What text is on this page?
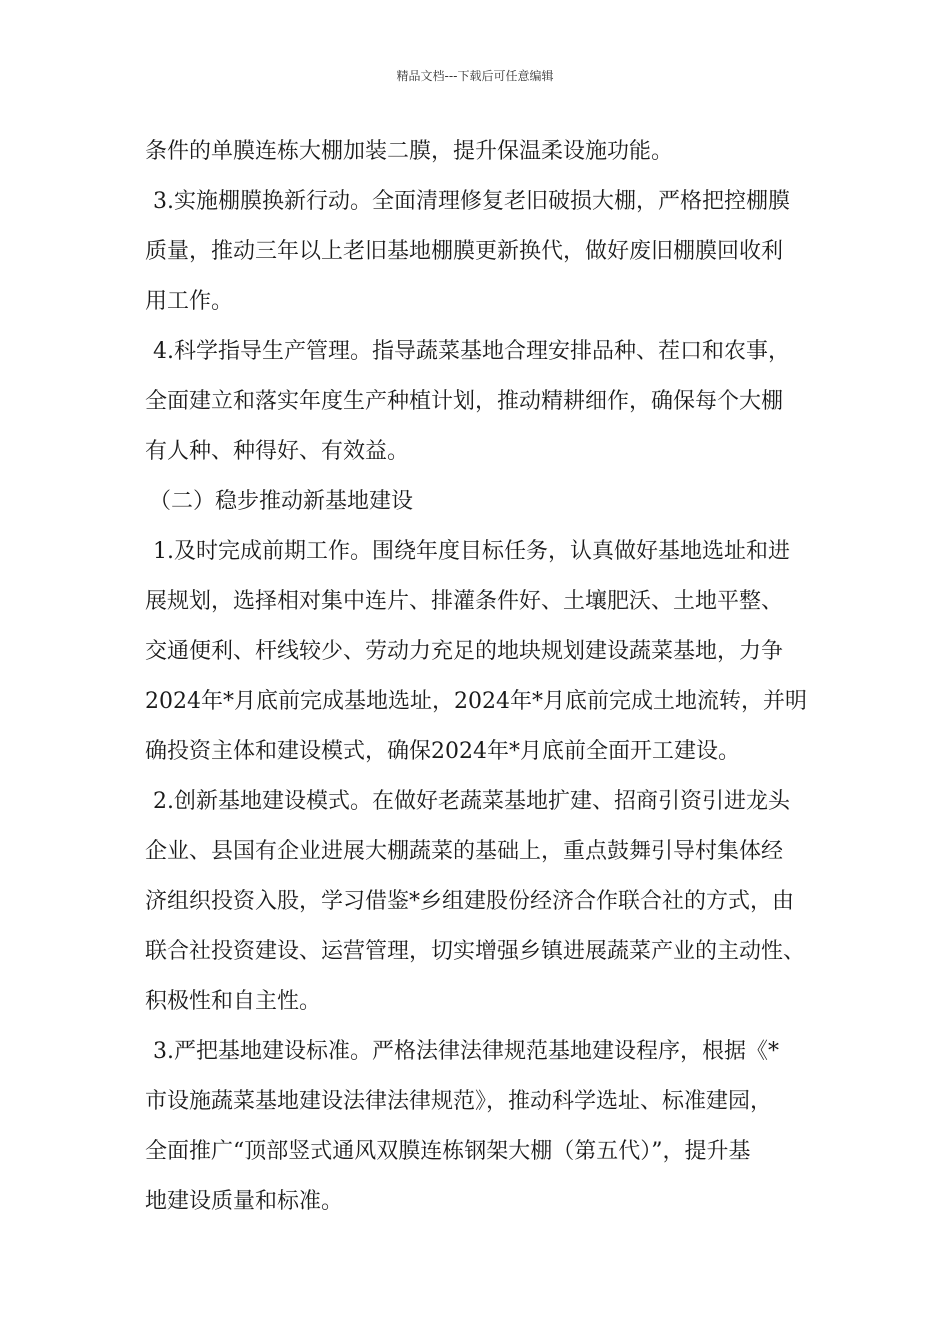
精品文档---下载后可任意编辑
条件的单膜连栋大棚加装二膜，提升保温柔设施功能。
3.实施棚膜换新行动。全面清理修复老旧破损大棚，严格把控棚膜
质量，推动三年以上老旧基地棚膜更新换代，做好废旧棚膜回收利
用工作。
4.科学指导生产管理。指导蔬菜基地合理安排品种、茬口和农事，
全面建立和落实年度生产种植计划，推动精耕细作，确保每个大棚
有人种、种得好、有效益。
（二）稳步推动新基地建设
1.及时完成前期工作。围绕年度目标任务，认真做好基地选址和进
展规划，选择相对集中连片、排灌条件好、土壤肥沃、土地平整、
交通便利、杆线较少、劳动力充足的地块规划建设蔬菜基地，力争
2024年*月底前完成基地选址，2024年*月底前完成土地流转，并明
确投资主体和建设模式，确保2024年*月底前全面开工建设。
2.创新基地建设模式。在做好老蔬菜基地扩建、招商引资引进龙头
企业、县国有企业进展大棚蔬菜的基础上，重点鼓舞引导村集体经
济组织投资入股，学习借鉴*乡组建股份经济合作联合社的方式，由
联合社投资建设、运营管理，切实增强乡镇进展蔬菜产业的主动性、
积极性和自主性。
3.严把基地建设标准。严格法律法律规范基地建设程序，根据《*
市设施蔬菜基地建设法律法律规范》，推动科学选址、标准建园，
全面推广“顶部竖式通风双膜连栋钢架大棚（第五代）”，提升基
地建设质量和标准。
